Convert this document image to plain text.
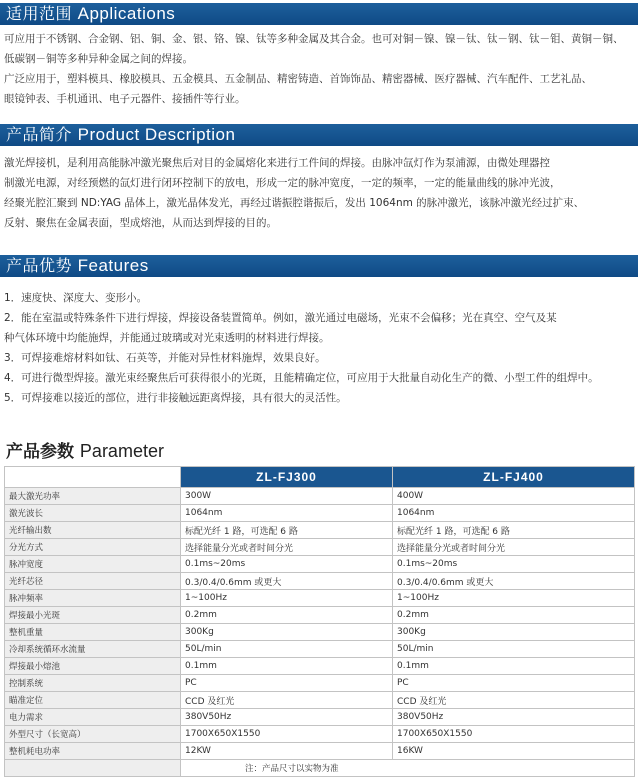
适用范围 Applications

可应用于不锈钢、合金钢、铝、铜、金、银、铬、镍、钛等多种金属及其合金。也可对铜－镍、镍－钛、钛－钢、钛－钼、黄铜－铜、

低碳钢－铜等多种异种金属之间的焊接。

广泛应用于，塑料模具、橡胶模具、五金模具、五金制品、精密铸造、首饰饰品、精密器械、医疗器械、汽车配件、工艺礼品、

眼镜钟表、手机通讯、电子元器件、接插件等行业。

产品简介 Product Description

激光焊接机，是利用高能脉冲激光聚焦后对目的金属熔化来进行工件间的焊接。由脉冲氙灯作为泵浦源，由微处理器控

制激光电源，对经预燃的氙灯进行闭环控制下的放电，形成一定的脉冲宽度，一定的频率，一定的能量曲线的脉冲光波，

经聚光腔汇聚到 ND:YAG 晶体上，激光晶体发光，再经过谐振腔谐振后，发出 1064nm 的脉冲激光，该脉冲激光经过扩束、

反射、聚焦在金属表面，型成熔池，从而达到焊接的目的。

产品优势 Features

1．速度快、深度大、变形小。

2．能在室温或特殊条件下进行焊接，焊接设备装置简单。例如，激光通过电磁场，光束不会偏移；光在真空、空气及某

种气体环境中均能施焊，并能通过玻璃或对光束透明的材料进行焊接。

3．可焊接难熔材料如钛、石英等，并能对异性材料施焊，效果良好。

4．可进行微型焊接。激光束经聚焦后可获得很小的光斑，且能精确定位，可应用于大批量自动化生产的微、小型工件的组焊中。

5．可焊接难以接近的部位，进行非接触远距离焊接，具有很大的灵活性。

产品参数 Parameter
	ZL-FJ300	ZL-FJ400
最大激光功率	300W	400W
激光波长	1064nm	1064nm
光纤输出数	标配光纤 1 路，可选配 6 路	标配光纤 1 路，可选配 6 路
分光方式	选择能量分光或者时间分光	选择能量分光或者时间分光
脉冲宽度	0.1ms~20ms	0.1ms~20ms
光纤芯径	0.3/0.4/0.6mm 或更大	0.3/0.4/0.6mm 或更大
脉冲频率	1~100Hz	1~100Hz
焊接最小光斑	0.2mm	0.2mm
整机重量	300Kg	300Kg
冷却系统循环水流量	50L/min	50L/min
焊接最小熔池	0.1mm	0.1mm
控制系统	PC	PC
瞄准定位	CCD 及红光	CCD 及红光
电力需求	380V50Hz	380V50Hz
外型尺寸（长宽高）	1700X650X1550	1700X650X1550
整机耗电功率	12KW	16KW
	注：产品尺寸以实物为准	
